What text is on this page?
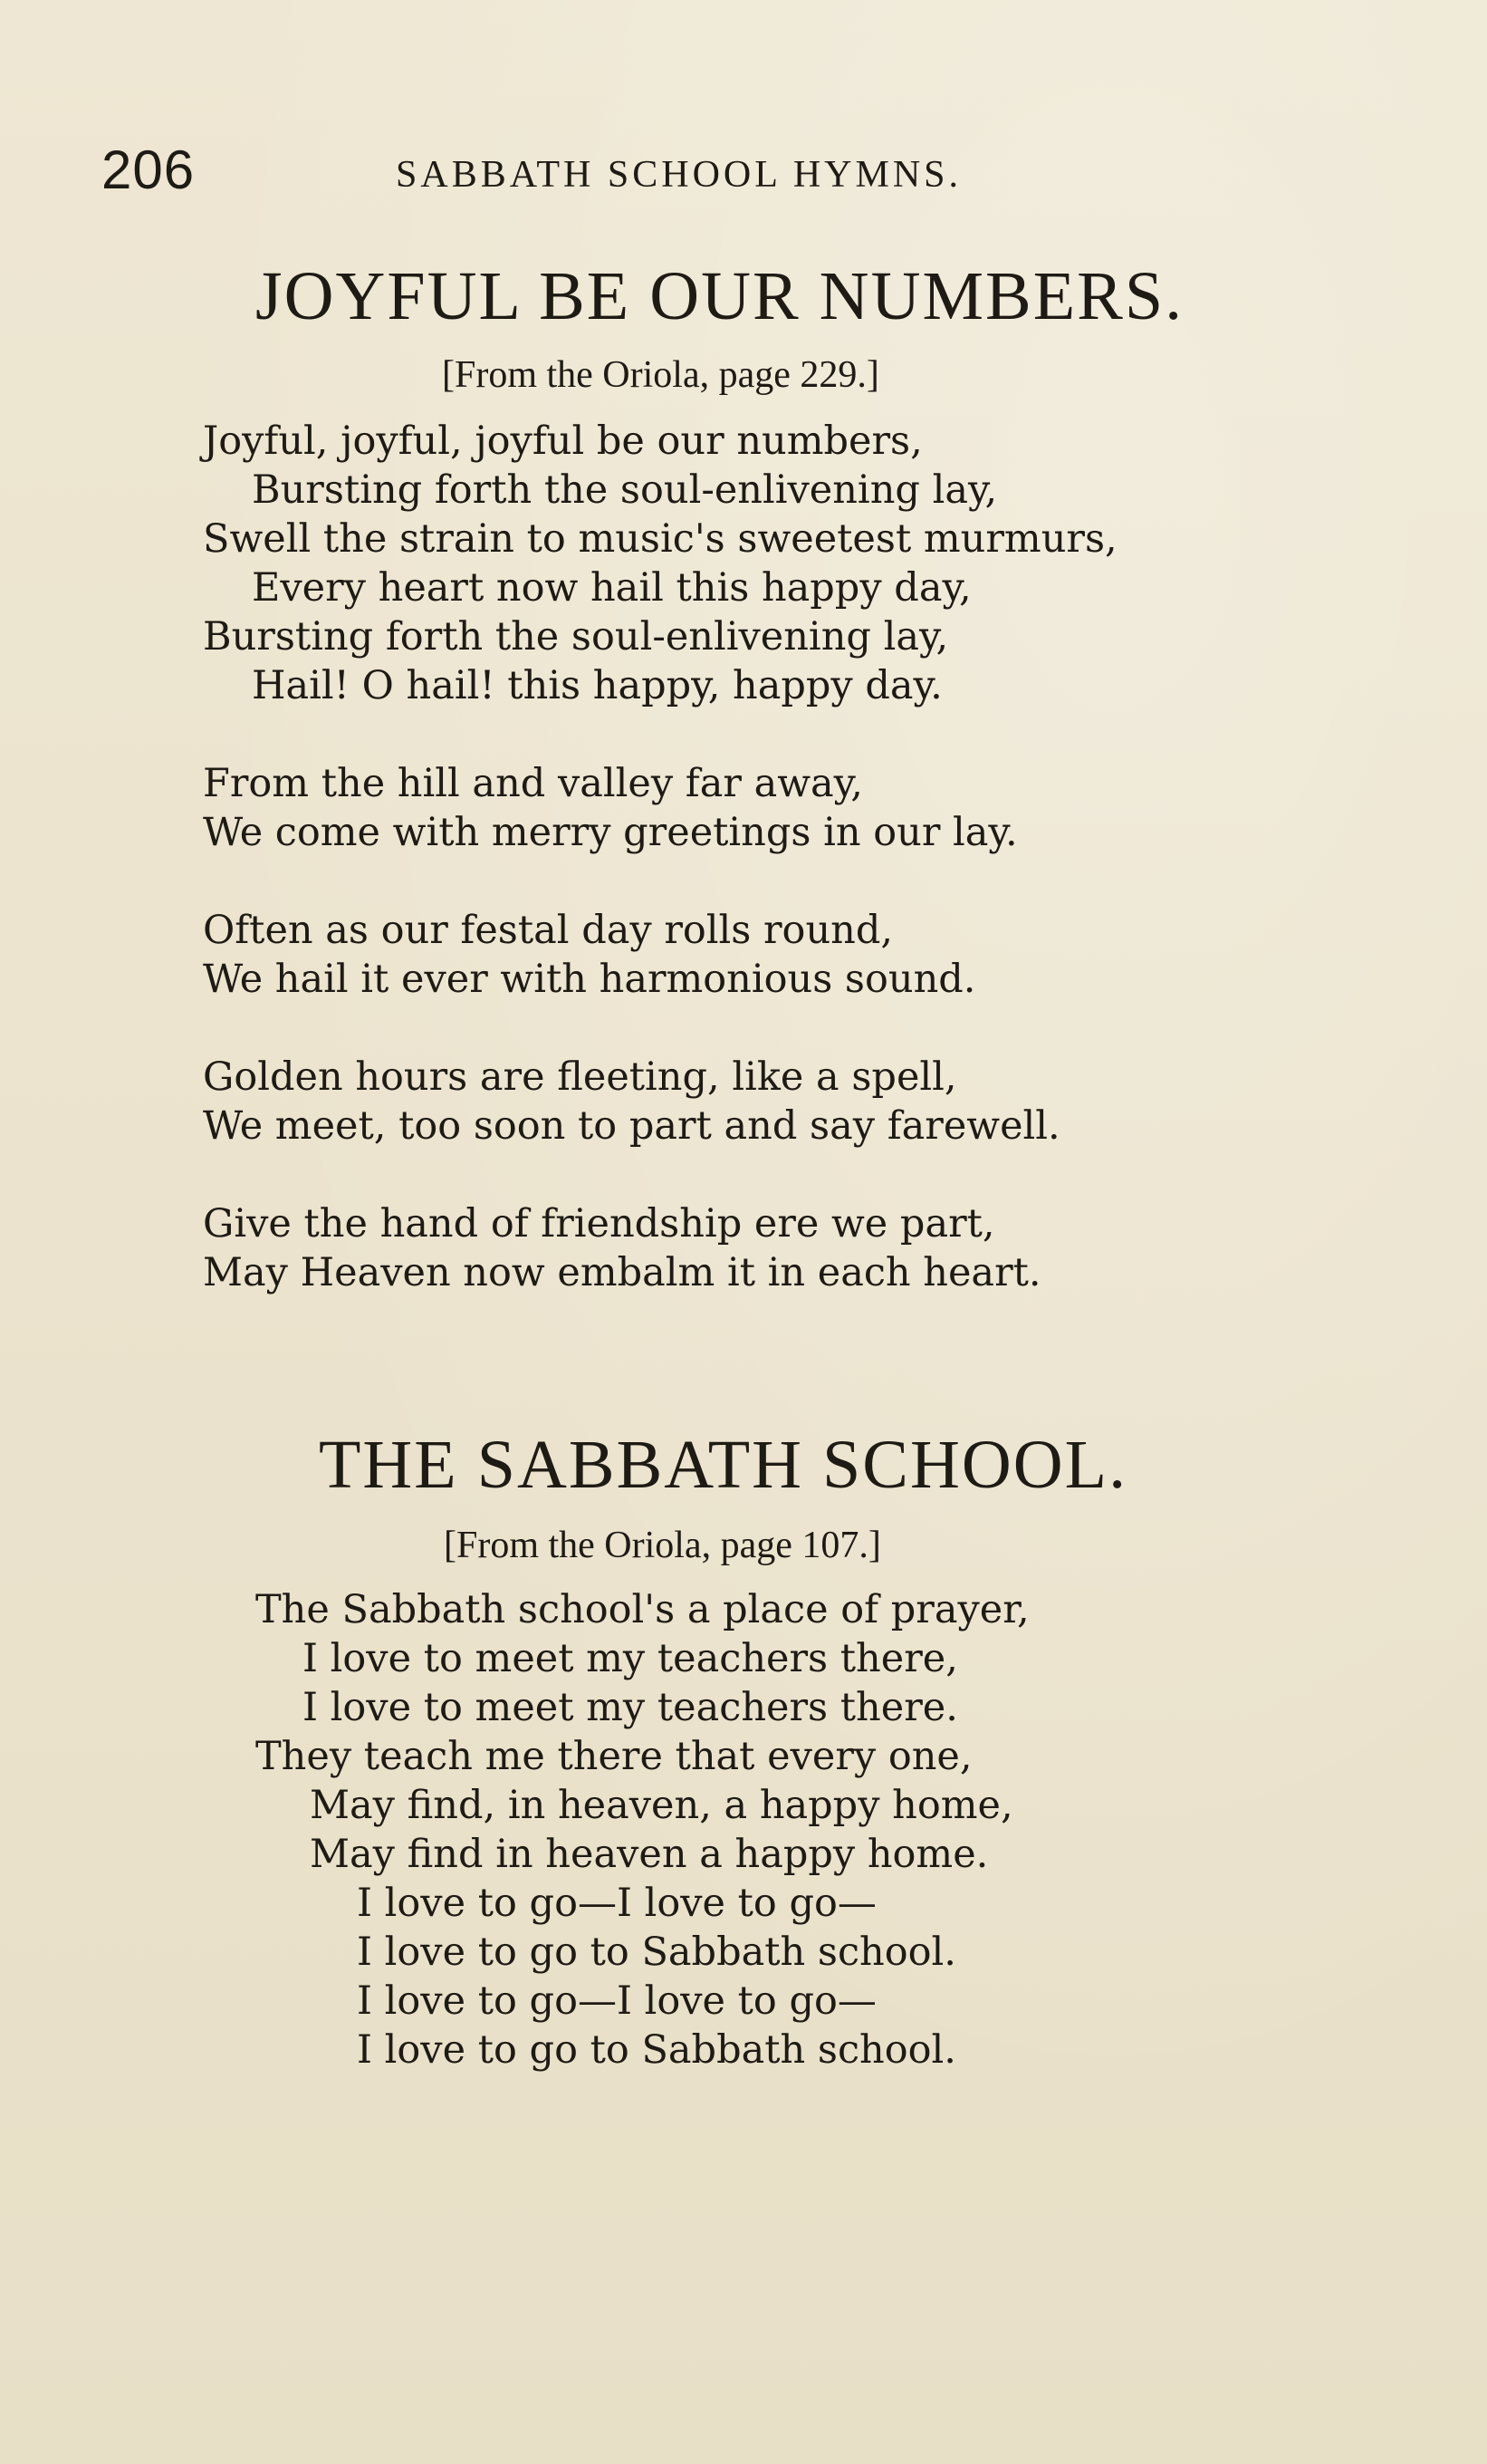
206	SABBATH SCHOOL HYMNS.
JOYFUL BE OUR NUMBERS.
[From the Oriola, page 229.]
Joyful, joyful, joyful be our numbers,
Bursting forth the soul-enlivening lay,
Swell the strain to music's sweetest murmurs,
Every heart now hail this happy day,
Bursting forth the soul-enlivening lay,
Hail! O hail! this happy, happy day.
From the hill and valley far away,
We come with merry greetings in our lay.
Often as our festal day rolls round,
We hail it ever with harmonious sound.
Golden hours are fleeting, like a spell,
We meet, too soon to part and say farewell.
Give the hand of friendship ere we part,
May Heaven now embalm it in each heart.
THE SABBATH SCHOOL.
[From the Oriola, page 107.]
The Sabbath school's a place of prayer,
I love to meet my teachers there,
I love to meet my teachers there.
They teach me there that every one,
May find, in heaven, a happy home,
May find in heaven a happy home.
I love to go—I love to go—
I love to go to Sabbath school.
I love to go—I love to go—
I love to go to Sabbath school.
